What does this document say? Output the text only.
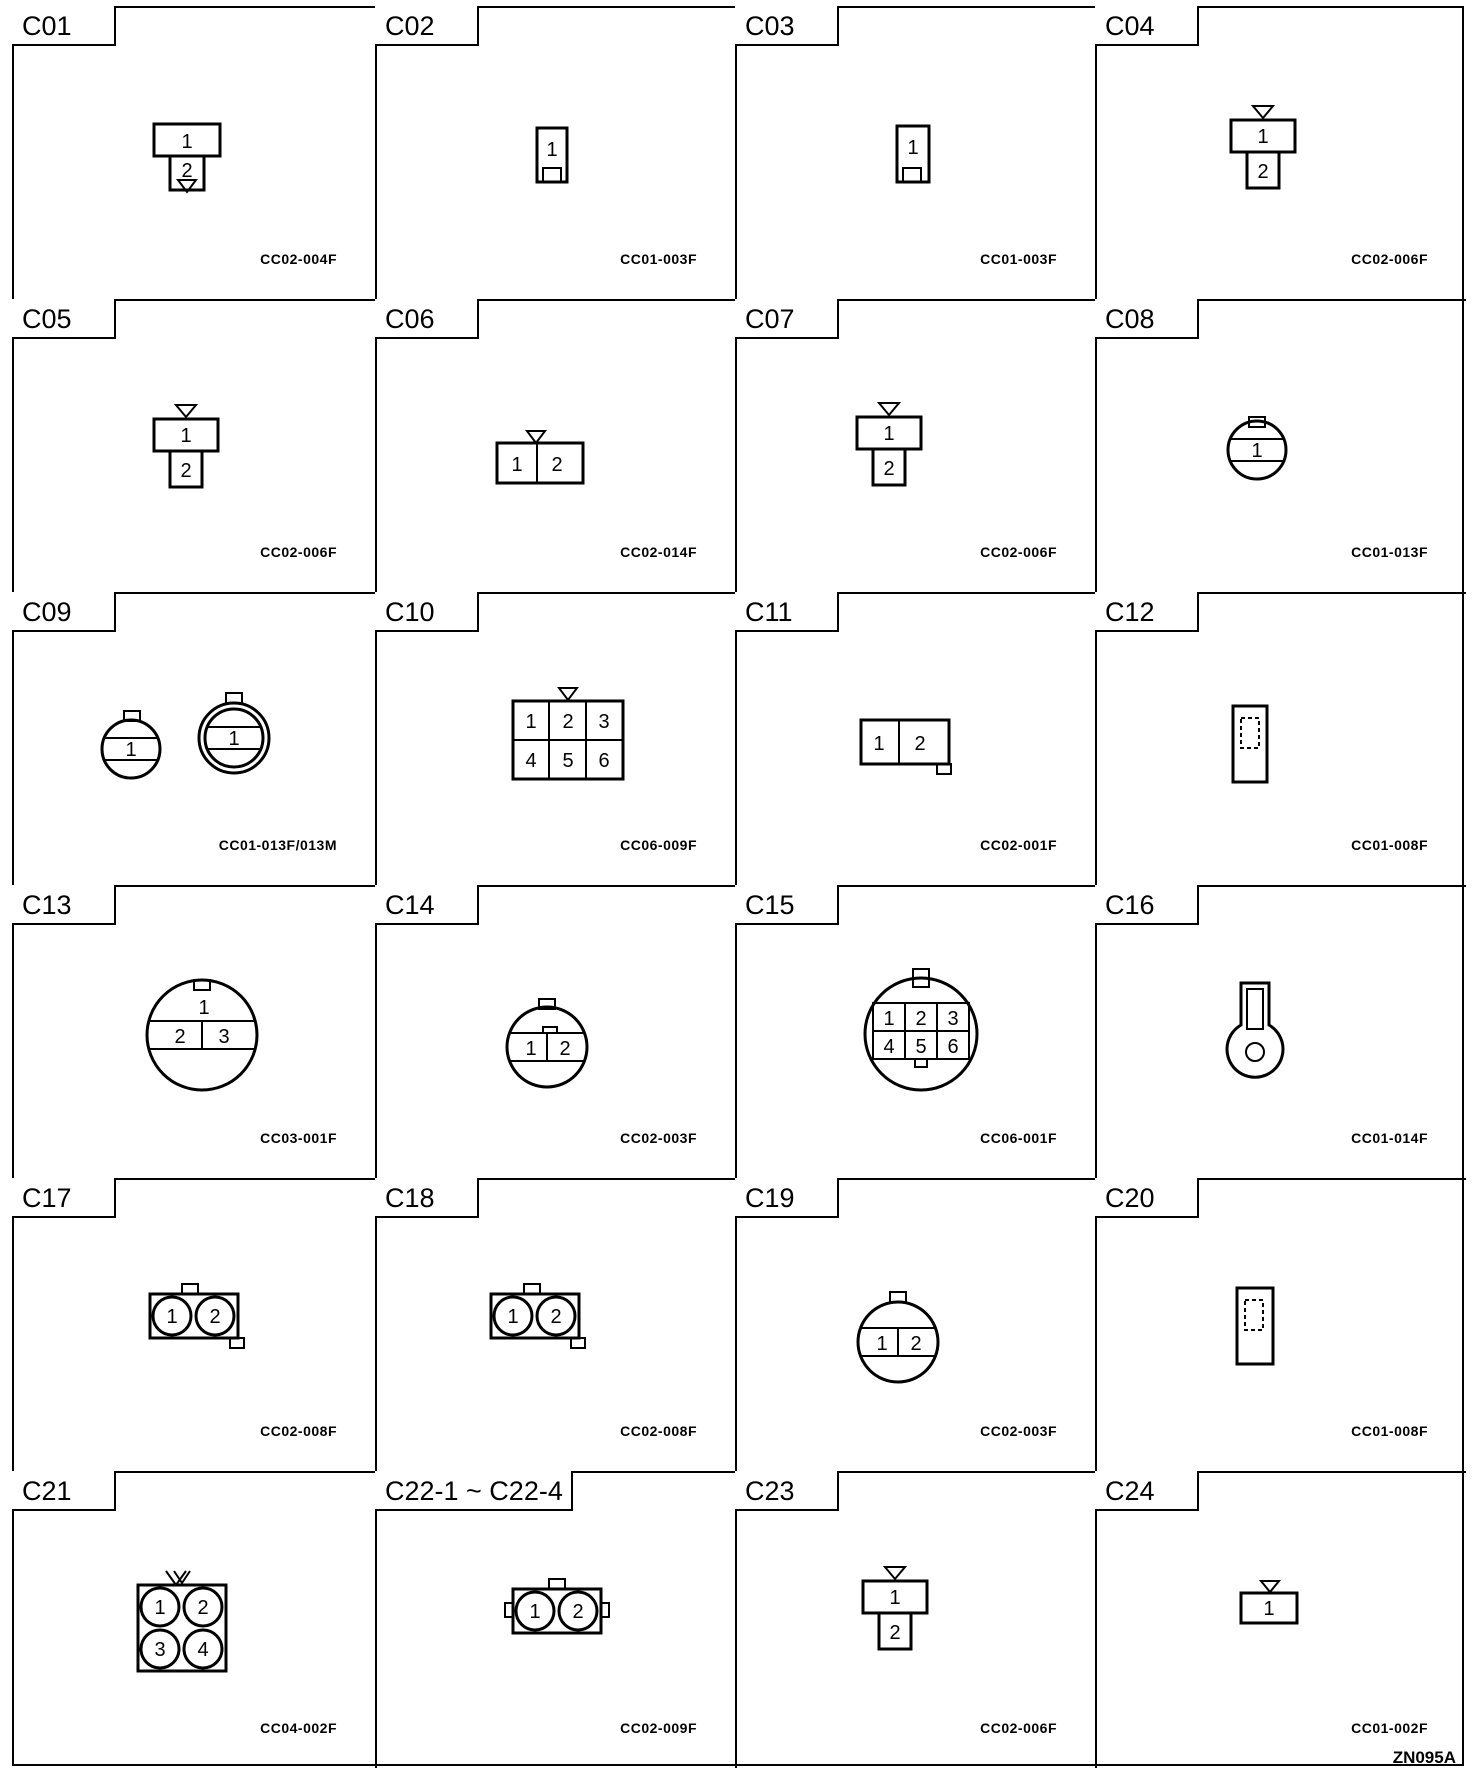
C01
1
2
CC02-004F
C02
1
CC01-003F
C03
1
CC01-003F
C04
1
2
CC02-006F
C05
1
2
CC02-006F
C06
1 2
CC02-014F
C07
1
2
CC02-006F
C08
1
CC01-013F
C09
1	1
CC01-013F/013M
C10
1 2 3
4 5 6
CC06-009F
C11
1 2
CC02-001F
C12
CC01-008F
C13
1
2 3
CC03-001F
C14
1 2
CC02-003F
C15
1 2 3
4 5 6
CC06-001F
C16
CC01-014F
C17
1 2
CC02-008F
C18
1 2
CC02-008F
C19
1 2
CC02-003F
C20
CC01-008F
C21
1 2
3 4
CC04-002F
C22-1 ~ C22-4
1 2
CC02-009F
C23
1
2
CC02-006F
C24
1
CC01-002F
ZN095A
